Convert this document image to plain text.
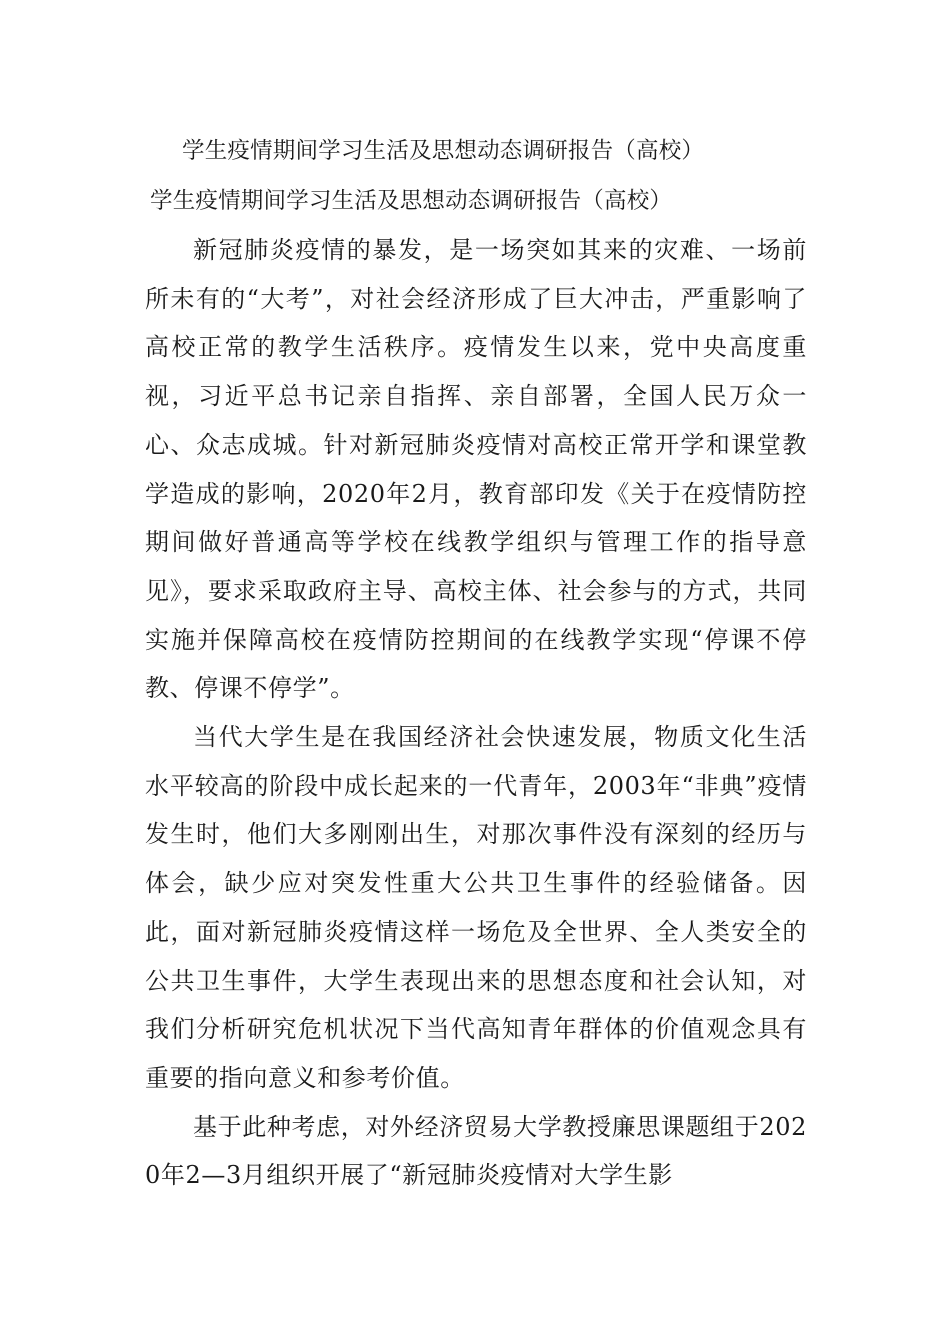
学生疫情期间学习生活及思想动态调研报告（高校）
学生疫情期间学习生活及思想动态调研报告（高校）

新冠肺炎疫情的暴发，是一场突如其来的灾难、一场前所未有的“大考”，对社会经济形成了巨大冲击，严重影响了高校正常的教学生活秩序。疫情发生以来，党中央高度重视，习近平总书记亲自指挥、亲自部署，全国人民万众一心、众志成城。针对新冠肺炎疫情对高校正常开学和课堂教学造成的影响，2020年2月，教育部印发《关于在疫情防控期间做好普通高等学校在线教学组织与管理工作的指导意见》，要求采取政府主导、高校主体、社会参与的方式，共同实施并保障高校在疫情防控期间的在线教学实现“停课不停教、停课不停学”。

当代大学生是在我国经济社会快速发展，物质文化生活水平较高的阶段中成长起来的一代青年，2003年“非典”疫情发生时，他们大多刚刚出生，对那次事件没有深刻的经历与体会，缺少应对突发性重大公共卫生事件的经验储备。因此，面对新冠肺炎疫情这样一场危及全世界、全人类安全的公共卫生事件，大学生表现出来的思想态度和社会认知，对我们分析研究危机状况下当代高知青年群体的价值观念具有重要的指向意义和参考价值。

基于此种考虑，对外经济贸易大学教授廉思课题组于2020年2—3月组织开展了“新冠肺炎疫情对大学生影
